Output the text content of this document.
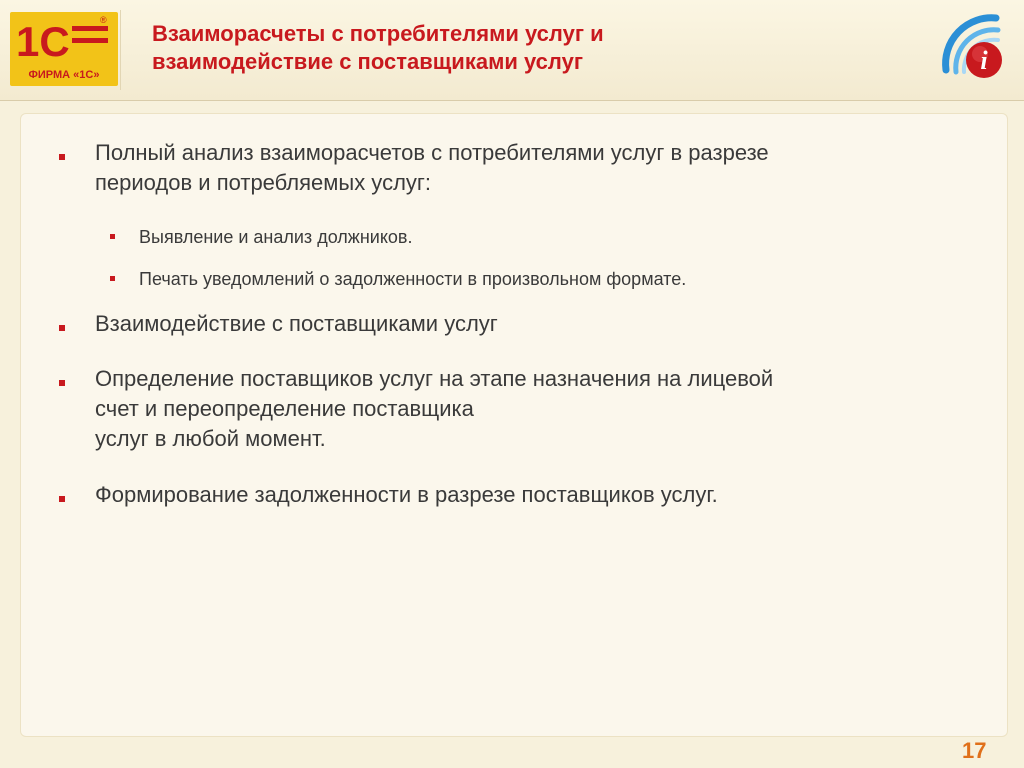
1С	®
ФИРМА «1С»
Взаиморасчеты с потребителями услуг и
взаимодействие с поставщиками услуг	i
Полный анализ взаиморасчетов с потребителями услуг в разрезе
периодов и потребляемых услуг:
Выявление и анализ должников.
Печать уведомлений о задолженности в произвольном формате.
Взаимодействие с поставщиками услуг
Определение поставщиков услуг на этапе назначения на лицевой
счет и переопределение поставщика
услуг в любой момент.
Формирование задолженности в разрезе поставщиков услуг.
17
